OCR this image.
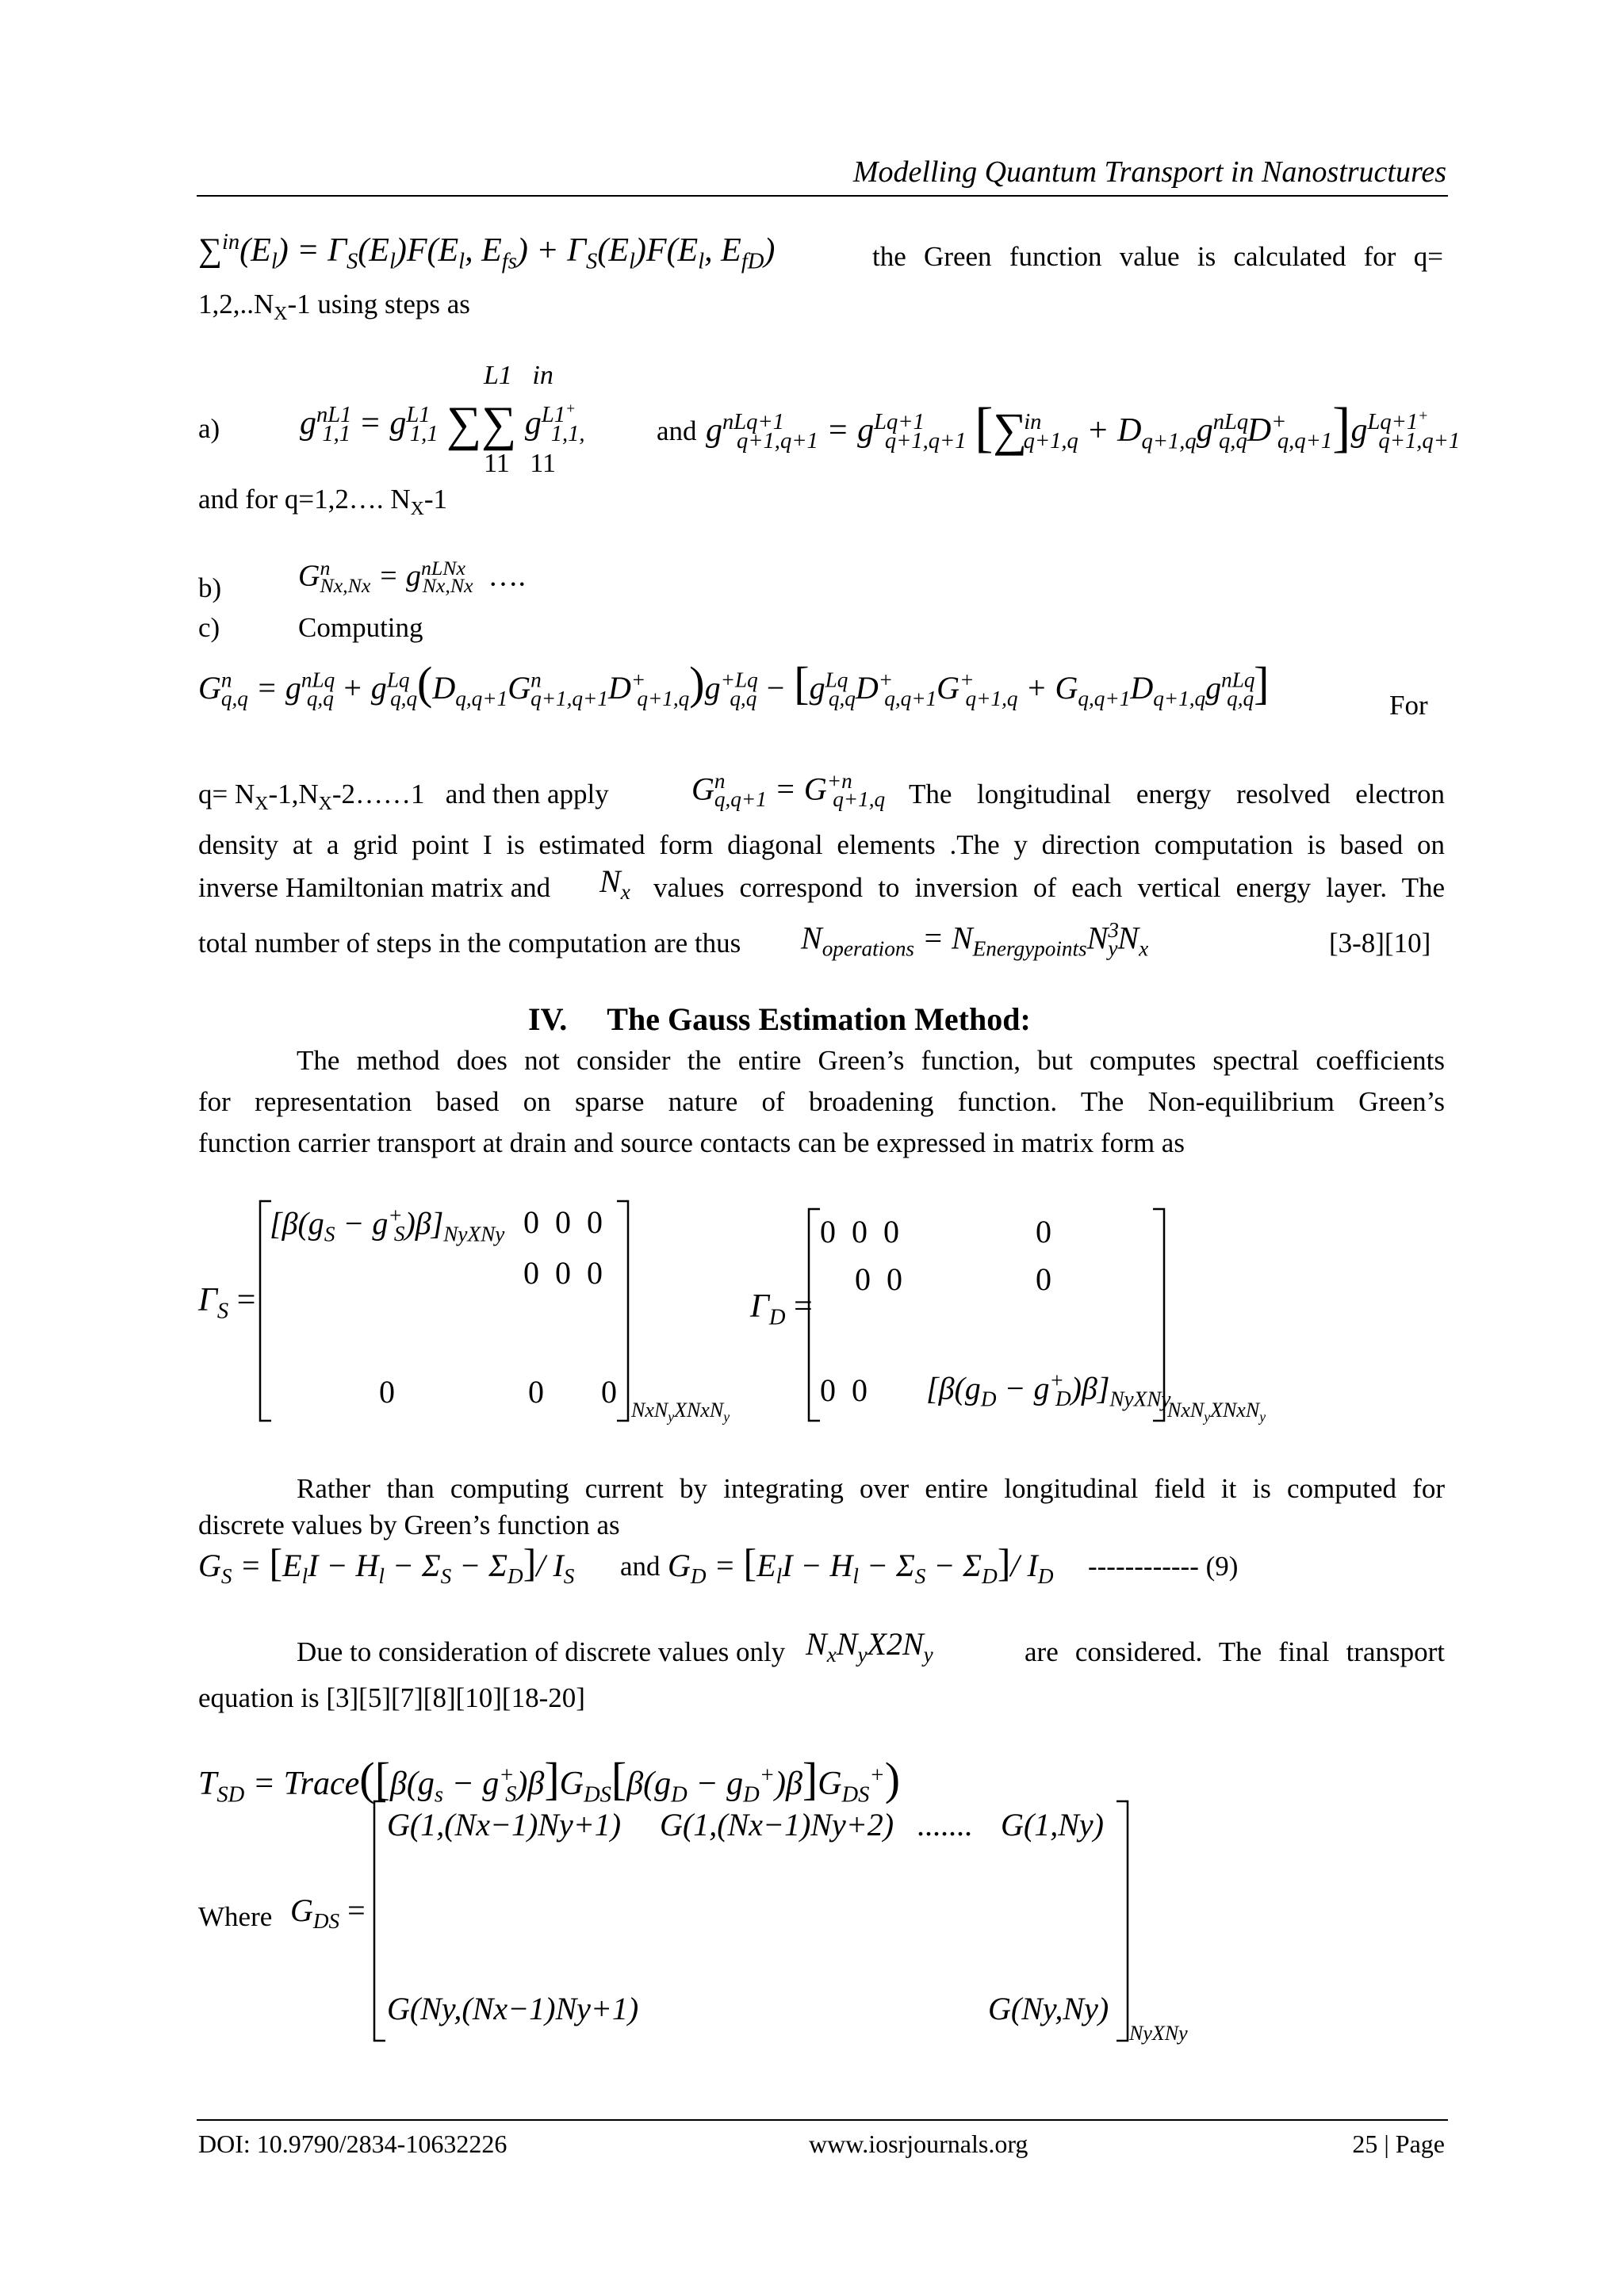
Modelling Quantum Transport in Nanostructures
$\sum^{in}(E_l) = \Gamma_S(E_l)F(E_l$, $E_{fs}) + \Gamma_S(E_l)F(E_l$, $E_{fD}$)	the Green function value is calculated for q=
$1,2,..N_X-1$ using steps as
a) $g^{nL1}_{1,1} = g^{L1}_{1,1}$ ∑∑ $g^{L1^+}_{1,1,}$
L1 in
11   11
and $g^{nLq+1}_{q+1,q+1} = g^{Lq+1}_{q+1,q+1}$ $[\sum^{in}_{q+1,q} + D_{q+1,q}g^{nLq}_{q,q}D^+_{q,q+1}]g^{Lq+1^+}_{q+1,q+1}$
and for q=1,2…. $N_X-1$
b)	$G^n_{Nx,Nx} = g^{nLNx}_{Nx,Nx}$  ….
c)	Computing
$G^n_{q,q} = g^{nLq}_{q,q} + g^{Lq}_{q,q}(D_{q,q+1}G^n_{q+1,q+1}D^+_{q+1,q})g^{+Lq}_{q,q} - [g^{Lq}_{q,q}D^+_{q,q+1}G^+_{q+1,q} + G_{q,q+1}D_{q+1,q}g^{nLq}_{q,q}]$	For
$q= N_X-1,N_X-2\dots\dots 1$   and then apply	$G^n_{q,q+1} = G^{+n}_{q+1,q}$ The longitudinal energy resolved electron
density at a grid point I is estimated form diagonal elements .The y direction computation is based on
inverse Hamiltonian matrix and $N_x$ values correspond to inversion of each vertical energy layer. The
total number of steps in the computation are thus $N_{operations} = N_{Energypoints}N^3_yN_x$	[3-8][10]
IV. The Gauss Estimation Method:
The method does not consider the entire Green’s function, but computes spectral coefficients
for representation based on sparse nature of broadening function. The Non-equilibrium Green’s
function carrier transport at drain and source contacts can be expressed in matrix form as
$\Gamma_S$ =
$[\beta(g_S - g^+_S)\beta]_{NyXNy}$ 0 0 0
0 0 0
0	0 0
NxN$_y$XNxN$_y$
$\Gamma_D$ =
0 0 0	0
0 0	0
0 0 $[\beta(g_D - g^+_D)\beta]_{NyXNy}$
NxN$_y$XNxN$_y$
Rather than computing current by integrating over entire longitudinal field it is computed for
discrete values by Green’s function as
$G_S = [E_lI - H_l - \Sigma_S - \Sigma_D]/$ $I_S$ and $G_D = [E_lI - H_l - \Sigma_S - \Sigma_D]/$ $I_D$ ------------ (9)
Due to consideration of discrete values only $N_xN_yX2N_y$	are considered. The final transport
equation is [3][5][7][8][10][18-20]
$T_{SD}$ = $Trace([\beta(g_s - g^+_S)\beta]G_{DS}[\beta(g_D - g_D^+)\beta]G_{DS}^+)$
Where $G_{DS}$ =
G(1,(Nx−1)Ny+1) G(1,(Nx−1)Ny+2) ....... G(1,Ny)
G(Ny,(Nx−1)Ny+1)	G(Ny,Ny)
NyXNy
DOI: 10.9790/2834-10632226	www.iosrjournals.org	25 | Page
